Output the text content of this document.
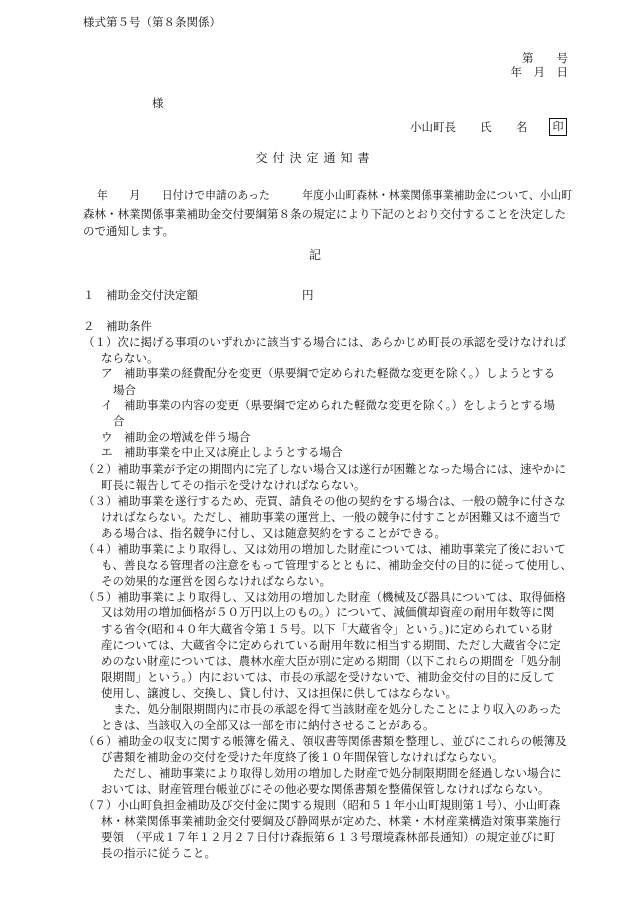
様式第５号（第８条関係）
第　　号
年　月　日
様
小山町長 氏 名	印
交付決定通知書
年　　月　　日付けで申請のあった　　　年度小山町森林・林業関係事業補助金について、小山町
森林・林業関係事業補助金交付要綱第８条の規定により下記のとおり交付することを決定した
ので通知します。
記
１　補助金交付決定額	円
２　補助条件
（１）次に掲げる事項のいずれかに該当する場合には、あらかじめ町長の承認を受けなければ
ならない。
ア　補助事業の経費配分を変更（県要綱で定められた軽微な変更を除く。）しようとする
場合
イ　補助事業の内容の変更（県要綱で定められた軽微な変更を除く。）をしようとする場
合
ウ　補助金の増減を伴う場合
エ　補助事業を中止又は廃止しようとする場合
（２）補助事業が予定の期間内に完了しない場合又は遂行が困難となった場合には、速やかに
町長に報告してその指示を受けなければならない。
（３）補助事業を遂行するため、売買、請負その他の契約をする場合は、一般の競争に付さな
ければならない。ただし、補助事業の運営上、一般の競争に付すことが困難又は不適当で
ある場合は、指名競争に付し、又は随意契約をすることができる。
（４）補助事業により取得し、又は効用の増加した財産については、補助事業完了後において
も、善良なる管理者の注意をもって管理するとともに、補助金交付の目的に従って使用し、
その効果的な運営を図らなければならない。
（５）補助事業により取得し、又は効用の増加した財産（機械及び器具については、取得価格
又は効用の増加価格が５０万円以上のもの。）について、減価償却資産の耐用年数等に関
する省令(昭和４０年大蔵省令第１５号。以下「大蔵省令」という。)に定められている財
産については、大蔵省令に定められている耐用年数に相当する期間、ただし大蔵省令に定
めのない財産については、農林水産大臣が別に定める期間（以下これらの期間を「処分制
限期間」という。）内においては、市長の承認を受けないで、補助金交付の目的に反して
使用し、譲渡し、交換し、貸し付け、又は担保に供してはならない。
また、処分制限期間内に市長の承認を得て当該財産を処分したことにより収入のあった
ときは、当該収入の全部又は一部を市に納付させることがある。
（６）補助金の収支に関する帳簿を備え、領収書等関係書類を整理し、並びにこれらの帳簿及
び書類を補助金の交付を受けた年度終了後１０年間保管しなければならない。
ただし、補助事業により取得し効用の増加した財産で処分制限期間を経過しない場合に
おいては、財産管理台帳並びにその他必要な関係書類を整備保管しなければならない。
（７）小山町負担金補助及び交付金に関する規則（昭和５１年小山町規則第１号）、小山町森
林・林業関係事業補助金交付要綱及び静岡県が定めた、林業・木材産業構造対策事業施行
要領　（平成１７年１２月２７日付け森振第６１３号環境森林部長通知）の規定並びに町
長の指示に従うこと。
